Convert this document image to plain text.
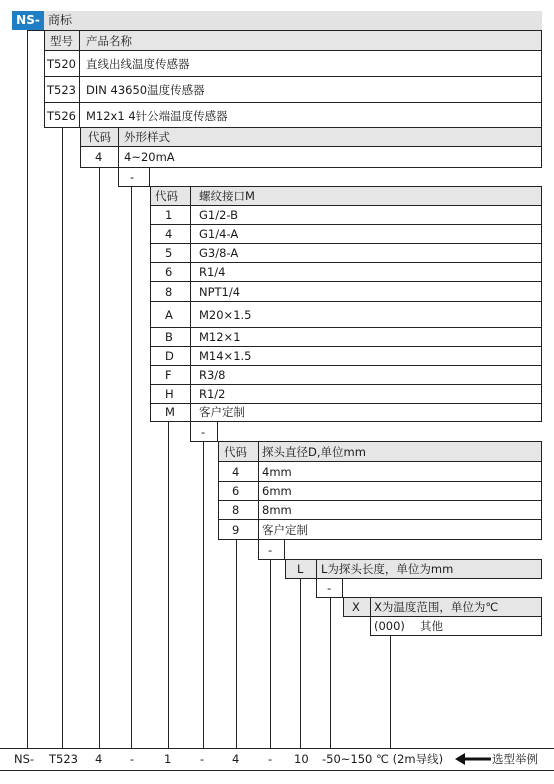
NS- 商标
型号 产品名称
T520 直线出线温度传感器
T523 DIN 43650温度传感器
T526 M12x1 4针公端温度传感器
代码 外形样式
4 4~20mA
-
代码 螺纹接口M
1 G1/2-B
4 G1/4-A
5 G3/8-A
6 R1/4
8 NPT1/4
A M20×1.5
B M12×1
D M14×1.5
F R3/8
H R1/2
M 客户定制
-
代码 探头直径D,单位mm
4 4mm
6 6mm
8 8mm
9 客户定制
-
L L为探头长度，单位为mm
-
X X为温度范围，单位为℃
(000) 其他
NS- T523 4 -	1 - 4 - 10 -50~150 ℃ (2m导线)	选型举例
